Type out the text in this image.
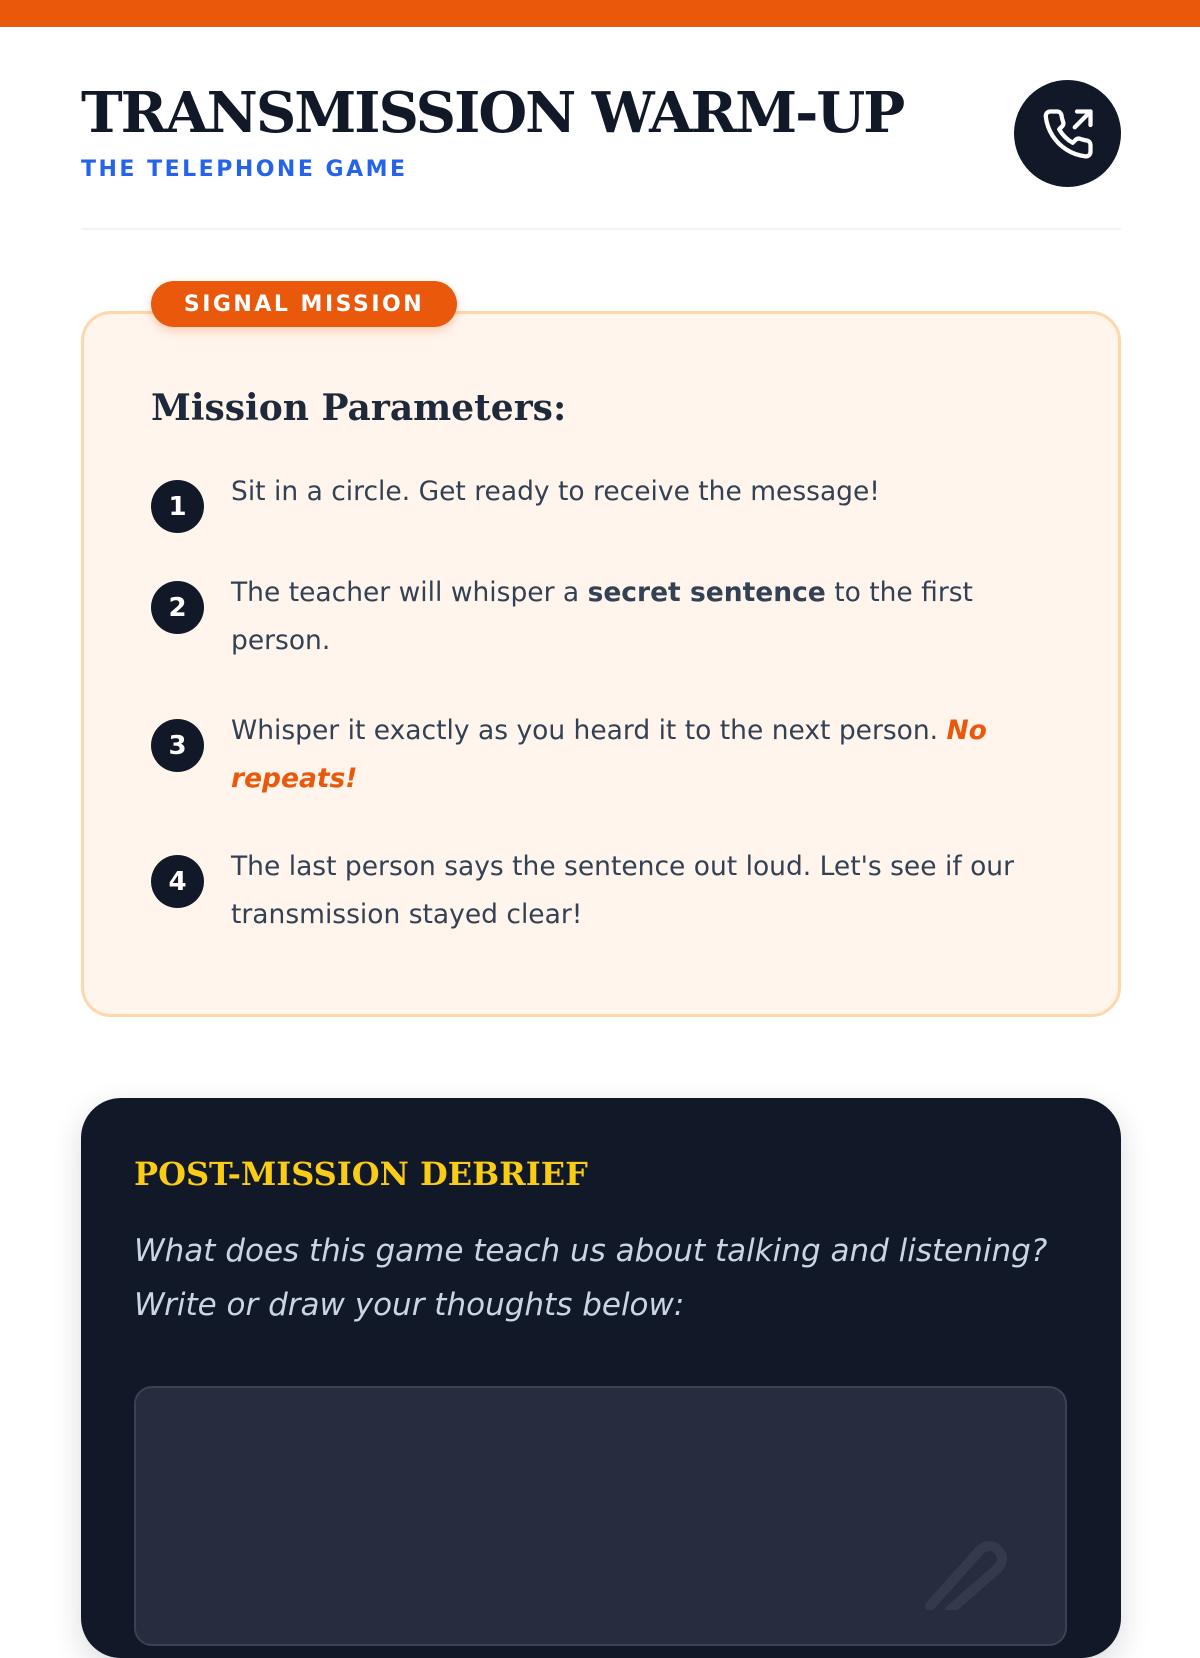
TRANSMISSION WARM-UP
THE TELEPHONE GAME
SIGNAL MISSION
Mission Parameters:
1	Sit in a circle. Get ready to receive the message!
2	The teacher will whisper a secret sentence to the first person.
3	Whisper it exactly as you heard it to the next person. No repeats!
4	The last person says the sentence out loud. Let's see if our transmission stayed clear!
POST-MISSION DEBRIEF

What does this game teach us about talking and listening? Write or draw your thoughts below:
